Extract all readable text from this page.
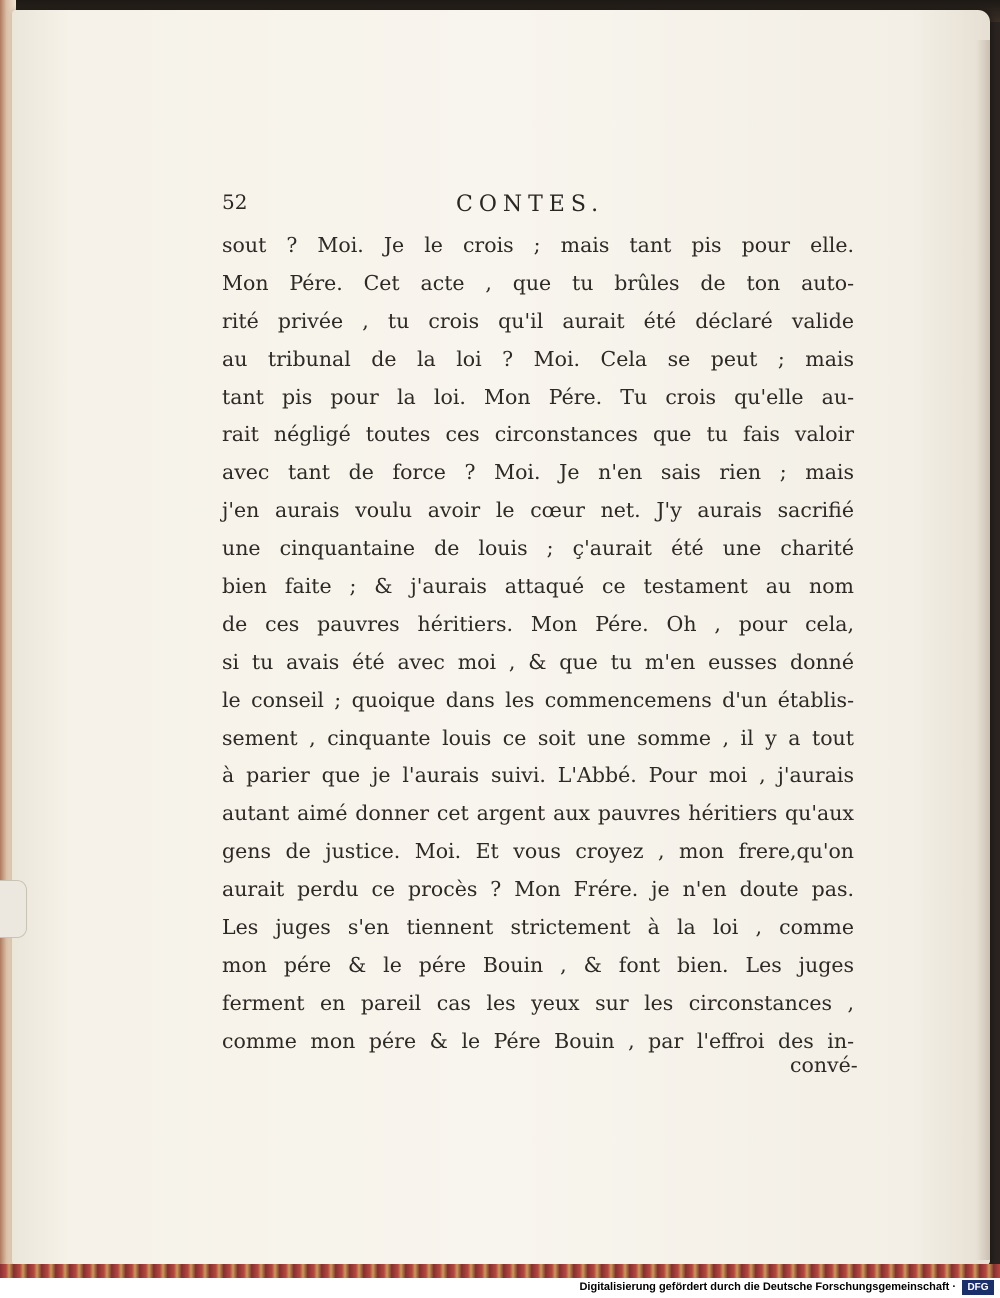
52	CONTES.
sout ? Moi. Je le crois ; mais tant pis pour elle.
Mon Pére. Cet acte , que tu brûles de ton auto-
rité privée , tu crois qu'il aurait été déclaré valide
au tribunal de la loi ? Moi. Cela se peut ; mais
tant pis pour la loi. Mon Pére. Tu crois qu'elle au-
rait négligé toutes ces circonstances que tu fais valoir
avec tant de force ? Moi. Je n'en sais rien ; mais
j'en aurais voulu avoir le cœur net. J'y aurais sacrifié
une cinquantaine de louis ; ç'aurait été une charité
bien faite ; & j'aurais attaqué ce testament au nom
de ces pauvres héritiers. Mon Pére. Oh , pour cela,
si tu avais été avec moi , & que tu m'en eusses donné
le conseil ; quoique dans les commencemens d'un établis-
sement , cinquante louis ce soit une somme , il y a tout
à parier que je l'aurais suivi. L'Abbé. Pour moi , j'aurais
autant aimé donner cet argent aux pauvres héritiers qu'aux
gens de justice. Moi. Et vous croyez , mon frere,qu'on
aurait perdu ce procès ? Mon Frére. je n'en doute pas.
Les juges s'en tiennent strictement à la loi , comme
mon pére & le pére Bouin , & font bien. Les juges
ferment en pareil cas les yeux sur les circonstances ,
comme mon pére & le Pére Bouin , par l'effroi des in-
convé-
Digitalisierung gefördert durch die Deutsche Forschungsgemeinschaft ·	DFG
